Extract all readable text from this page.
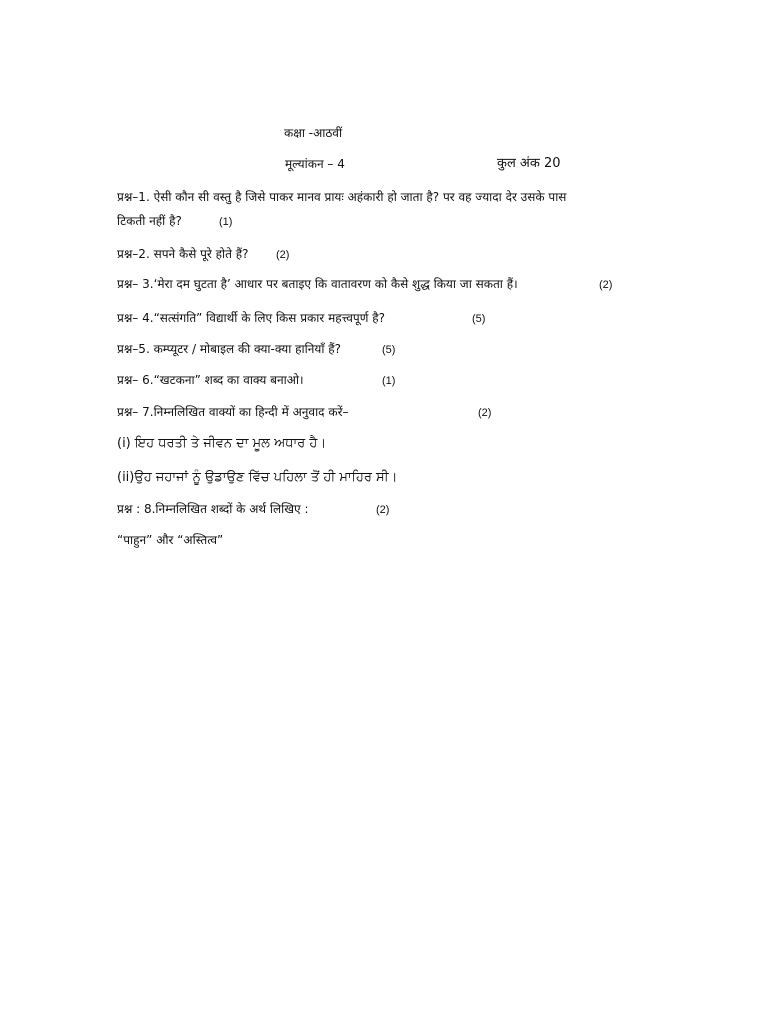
कक्षा -आठवीं
मूल्यांकन – 4	कुल अंक 20
प्रश्न–1. ऐसी कौन सी वस्तु है जिसे पाकर मानव प्रायः अहंकारी हो जाता है? पर वह ज्यादा देर उसके पास
टिकती नहीं है?	(1)
प्रश्न–2. सपने कैसे पूरे होते हैं? (2)
प्रश्न– 3.‘मेरा दम घुटता है’ आधार पर बताइए कि वातावरण को कैसे शुद्ध किया जा सकता हैं।	(2)
प्रश्न– 4.“सत्संगति” विद्यार्थी के लिए किस प्रकार महत्त्वपूर्ण है?	(5)
प्रश्न–5. कम्प्यूटर / मोबाइल की क्या-क्या हानियाँ हैं?	(5)
प्रश्न– 6.“खटकना” शब्द का वाक्य बनाओ।	(1)
प्रश्न– 7.निम्नलिखित वाक्यों का हिन्दी में अनुवाद करें–	(2)
(i) ਇਹ ਧਰਤੀ ਤੇ ਜੀਵਨ ਦਾ ਮੂਲ ਅਧਾਰ ਹੈ।
(ii)ਉਹ ਜਹਾਜਾਂ ਨੂੰ ਉਡਾਉਣ ਵਿੱਚ ਪਹਿਲਾ ਤੋਂ ਹੀ ਮਾਹਿਰ ਸੀ।
प्रश्न : 8.निम्नलिखित शब्दों के अर्थ लिखिए :	(2)
“पाहुन” और “अस्तित्व”
